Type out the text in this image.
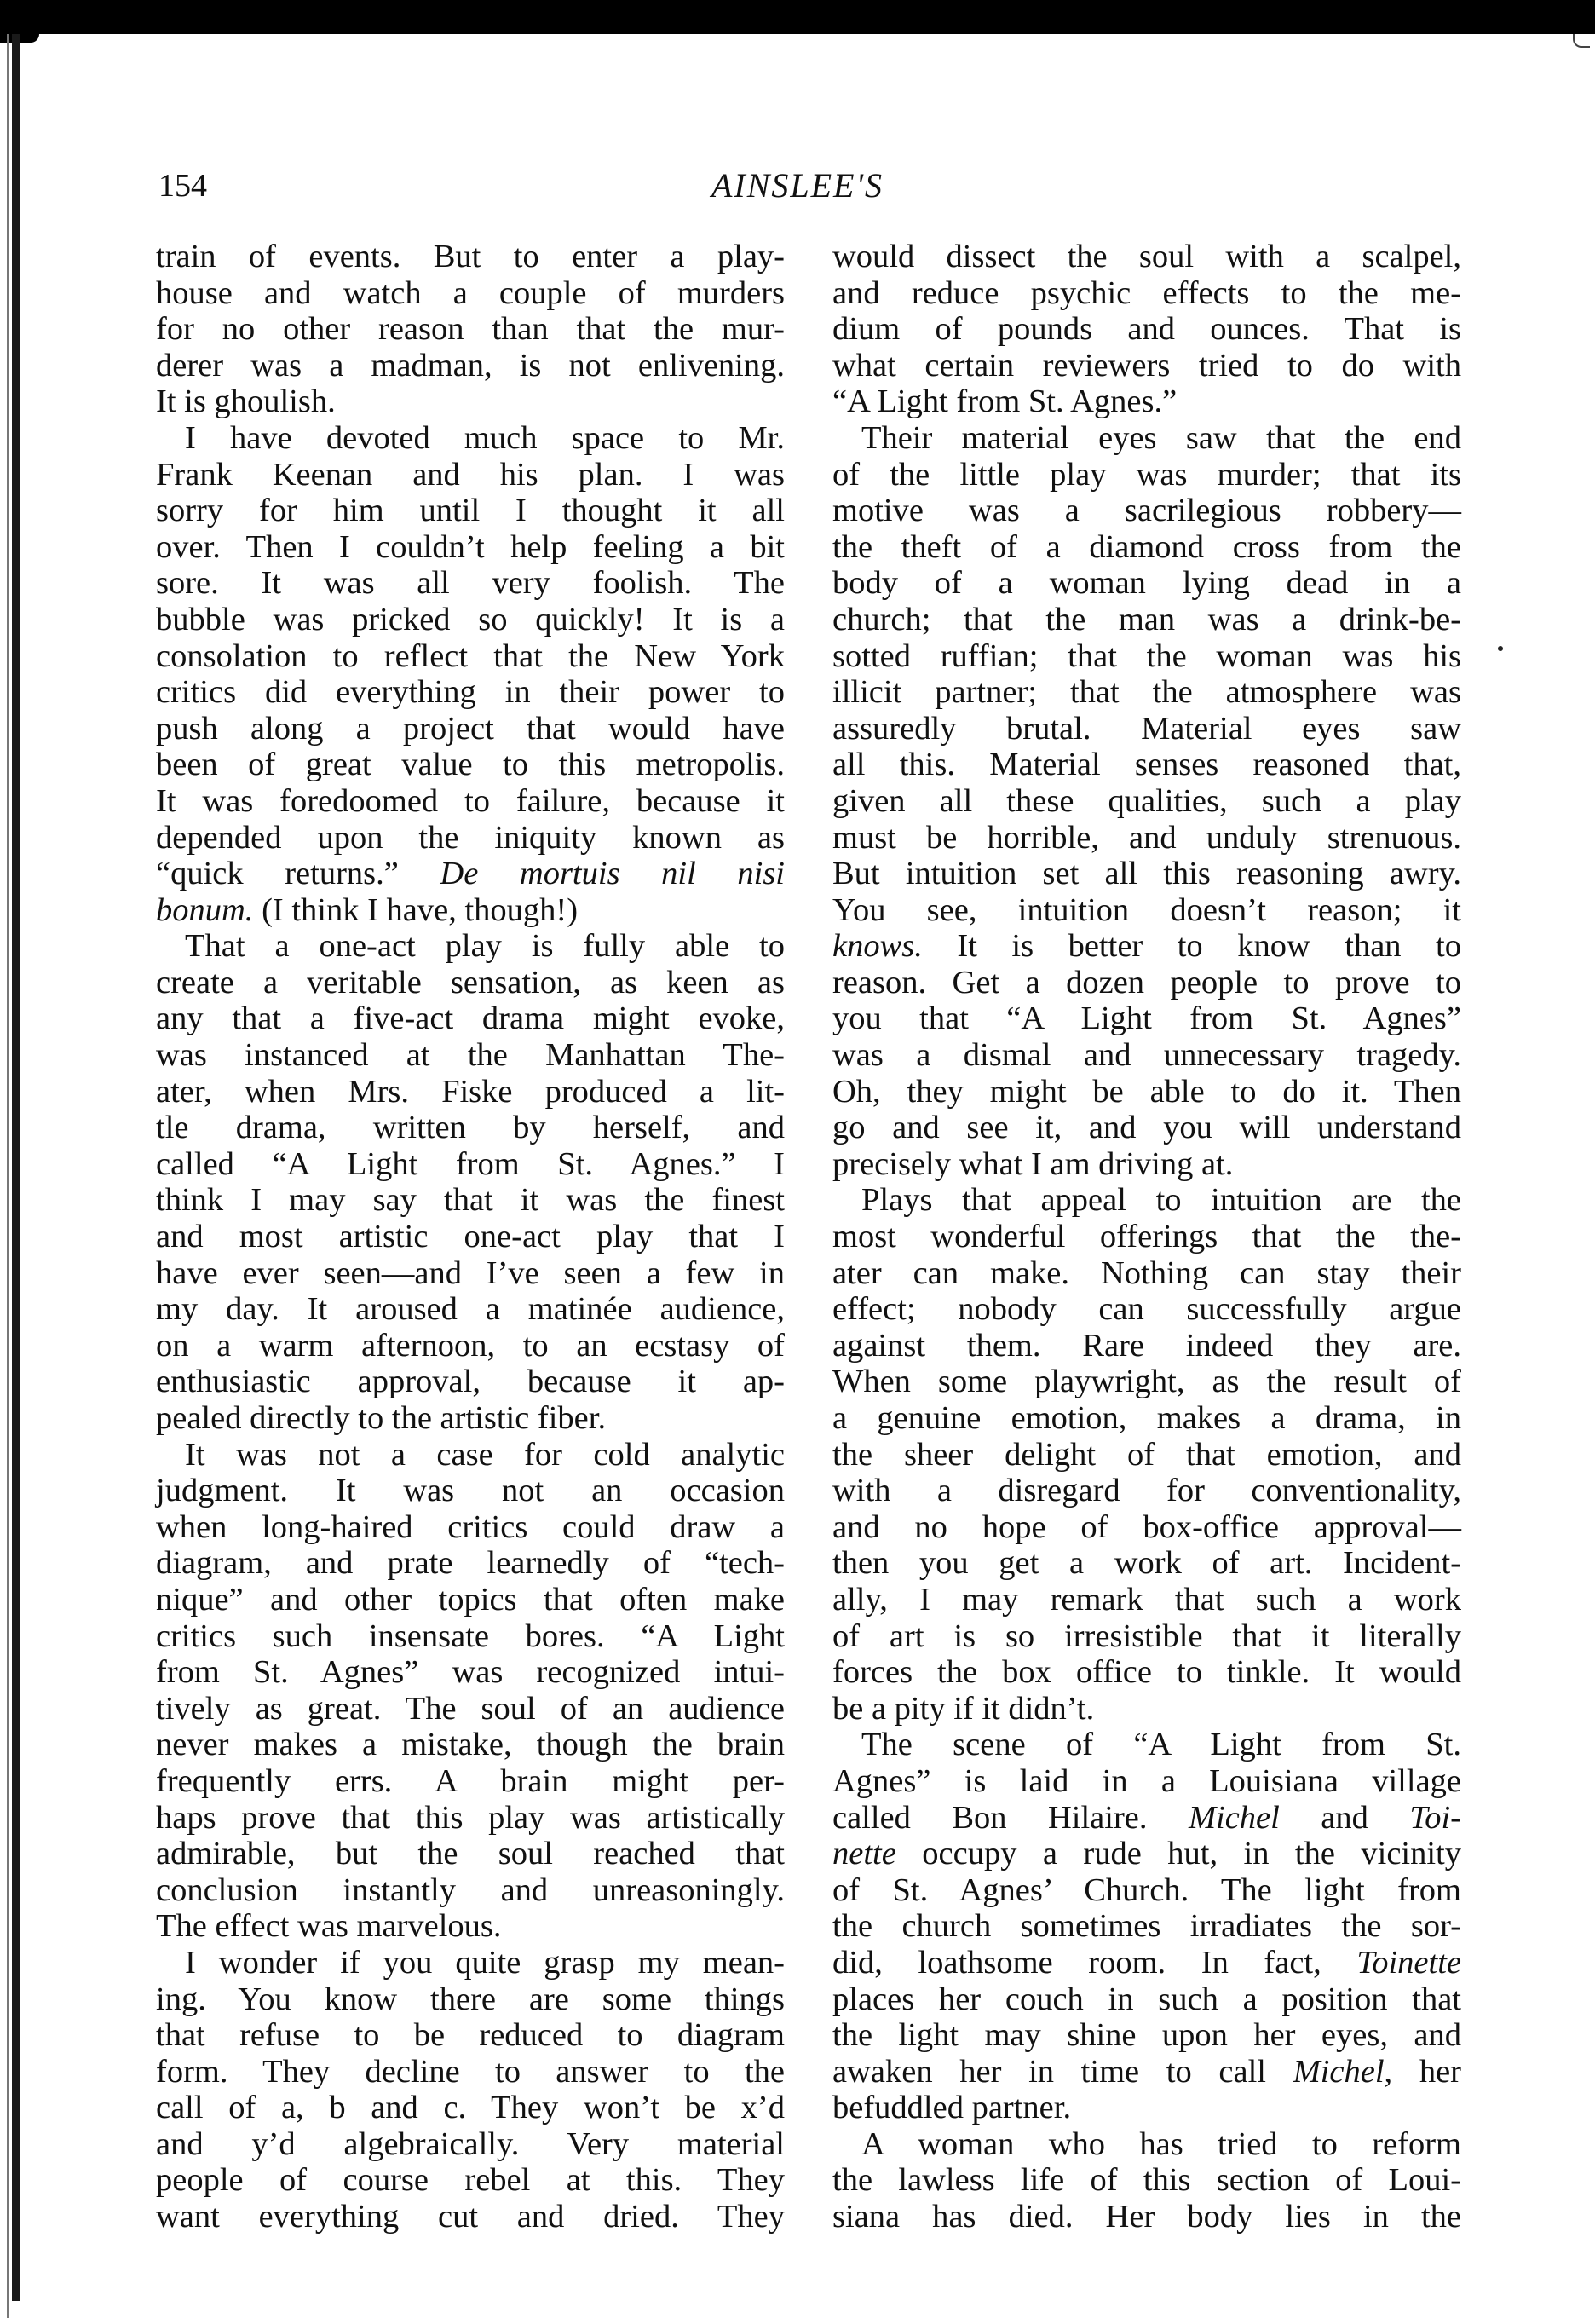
154	AINSLEE'S
train of events. But to enter a play-
house and watch a couple of murders
for no other reason than that the mur-
derer was a madman, is not enlivening.
It is ghoulish.
I have devoted much space to Mr.
Frank Keenan and his plan. I was
sorry for him until I thought it all
over. Then I couldn’t help feeling a bit
sore. It was all very foolish. The
bubble was pricked so quickly! It is a
consolation to reflect that the New York
critics did everything in their power to
push along a project that would have
been of great value to this metropolis.
It was foredoomed to failure, because it
depended upon the iniquity known as
“quick returns.” De mortuis nil nisi
bonum. (I think I have, though!)
That a one-act play is fully able to
create a veritable sensation, as keen as
any that a five-act drama might evoke,
was instanced at the Manhattan The-
ater, when Mrs. Fiske produced a lit-
tle drama, written by herself, and
called “A Light from St. Agnes.” I
think I may say that it was the finest
and most artistic one-act play that I
have ever seen—and I’ve seen a few in
my day. It aroused a matinée audience,
on a warm afternoon, to an ecstasy of
enthusiastic approval, because it ap-
pealed directly to the artistic fiber.
It was not a case for cold analytic
judgment. It was not an occasion
when long-haired critics could draw a
diagram, and prate learnedly of “tech-
nique” and other topics that often make
critics such insensate bores. “A Light
from St. Agnes” was recognized intui-
tively as great. The soul of an audience
never makes a mistake, though the brain
frequently errs. A brain might per-
haps prove that this play was artistically
admirable, but the soul reached that
conclusion instantly and unreasoningly.
The effect was marvelous.
I wonder if you quite grasp my mean-
ing. You know there are some things
that refuse to be reduced to diagram
form. They decline to answer to the
call of a, b and c. They won’t be x’d
and y’d algebraically. Very material
people of course rebel at this. They
want everything cut and dried. They
would dissect the soul with a scalpel,
and reduce psychic effects to the me-
dium of pounds and ounces. That is
what certain reviewers tried to do with
“A Light from St. Agnes.”
Their material eyes saw that the end
of the little play was murder; that its
motive was a sacrilegious robbery—
the theft of a diamond cross from the
body of a woman lying dead in a
church; that the man was a drink-be-
sotted ruffian; that the woman was his
illicit partner; that the atmosphere was
assuredly brutal. Material eyes saw
all this. Material senses reasoned that,
given all these qualities, such a play
must be horrible, and unduly strenuous.
But intuition set all this reasoning awry.
You see, intuition doesn’t reason; it
knows. It is better to know than to
reason. Get a dozen people to prove to
you that “A Light from St. Agnes”
was a dismal and unnecessary tragedy.
Oh, they might be able to do it. Then
go and see it, and you will understand
precisely what I am driving at.
Plays that appeal to intuition are the
most wonderful offerings that the the-
ater can make. Nothing can stay their
effect; nobody can successfully argue
against them. Rare indeed they are.
When some playwright, as the result of
a genuine emotion, makes a drama, in
the sheer delight of that emotion, and
with a disregard for conventionality,
and no hope of box-office approval—
then you get a work of art. Incident-
ally, I may remark that such a work
of art is so irresistible that it literally
forces the box office to tinkle. It would
be a pity if it didn’t.
The scene of “A Light from St.
Agnes” is laid in a Louisiana village
called Bon Hilaire. Michel and Toi-
nette occupy a rude hut, in the vicinity
of St. Agnes’ Church. The light from
the church sometimes irradiates the sor-
did, loathsome room. In fact, Toinette
places her couch in such a position that
the light may shine upon her eyes, and
awaken her in time to call Michel, her
befuddled partner.
A woman who has tried to reform
the lawless life of this section of Loui-
siana has died. Her body lies in the
